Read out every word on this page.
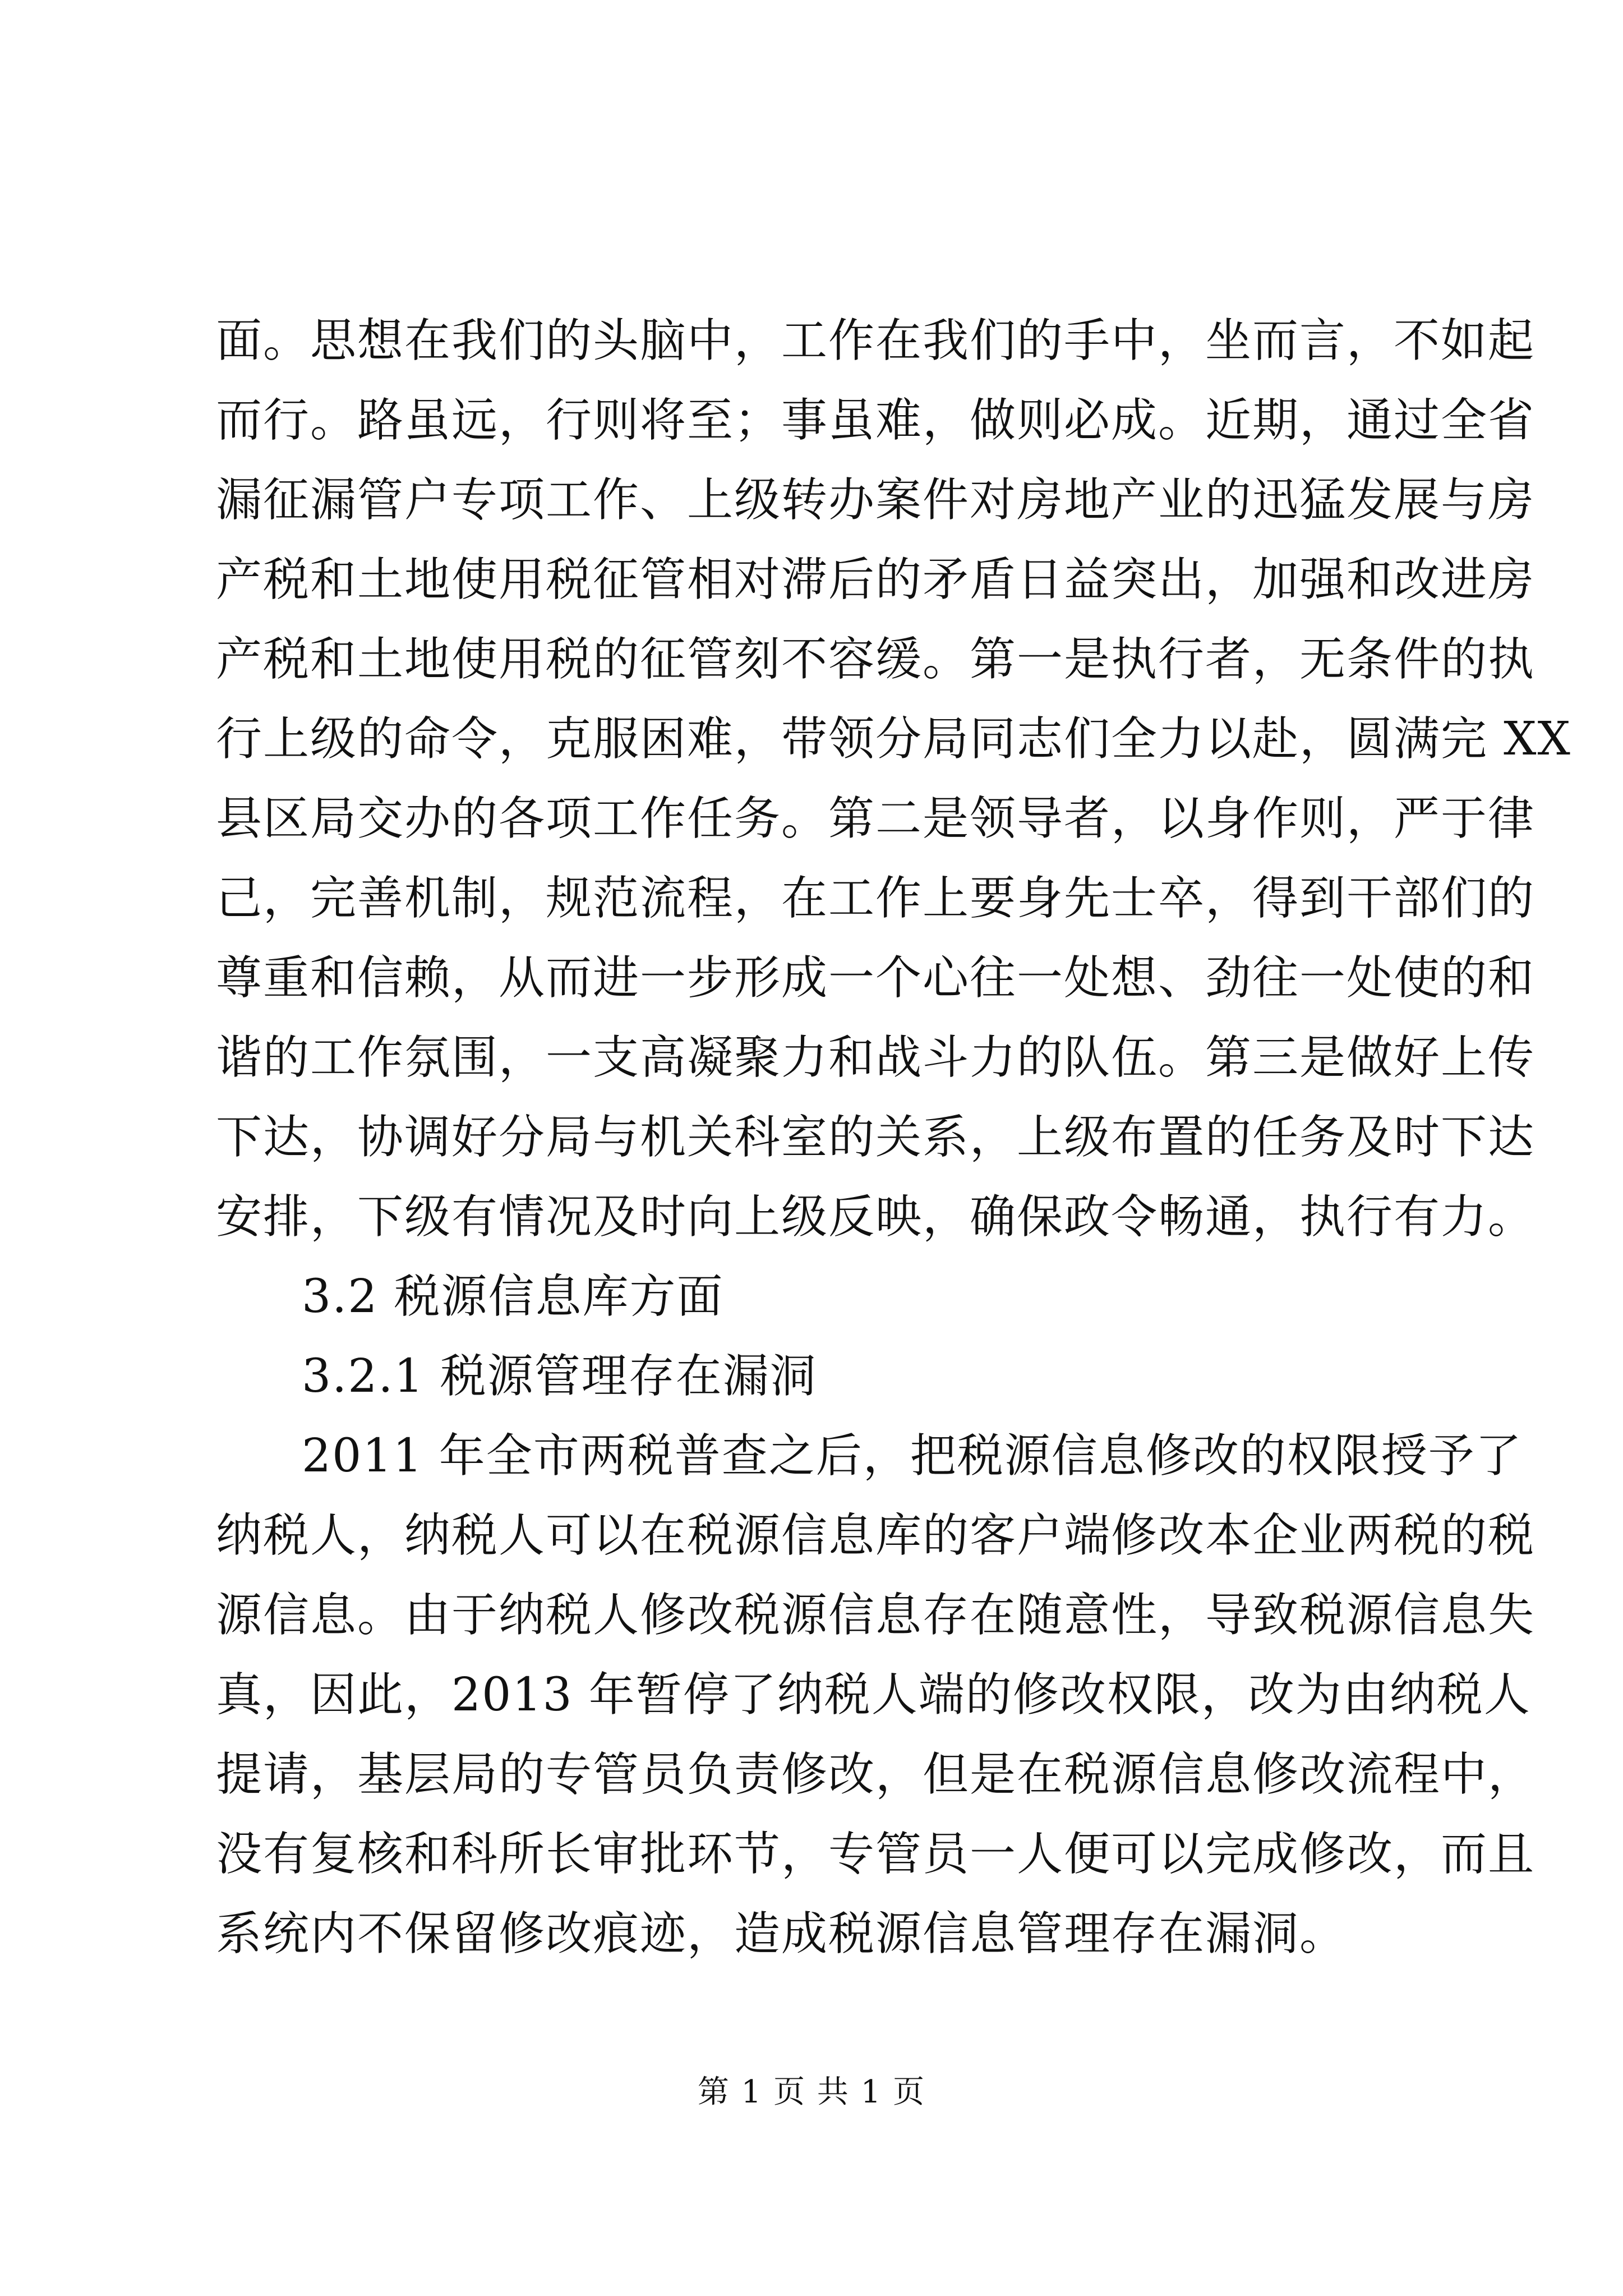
面。思想在我们的头脑中，工作在我们的手中，坐而言，不如起
而行。路虽远，行则将至；事虽难，做则必成。近期，通过全省
漏征漏管户专项工作、上级转办案件对房地产业的迅猛发展与房
产税和土地使用税征管相对滞后的矛盾日益突出，加强和改进房
产税和土地使用税的征管刻不容缓。第一是执行者，无条件的执
行上级的命令，克服困难，带领分局同志们全力以赴，圆满完 XX
县区局交办的各项工作任务。第二是领导者，以身作则，严于律
己，完善机制，规范流程，在工作上要身先士卒，得到干部们的
尊重和信赖，从而进一步形成一个心往一处想、劲往一处使的和
谐的工作氛围，一支高凝聚力和战斗力的队伍。第三是做好上传
下达，协调好分局与机关科室的关系，上级布置的任务及时下达
安排，下级有情况及时向上级反映，确保政令畅通，执行有力。
3.2 税源信息库方面
3.2.1 税源管理存在漏洞
2011 年全市两税普查之后，把税源信息修改的权限授予了
纳税人，纳税人可以在税源信息库的客户端修改本企业两税的税
源信息。由于纳税人修改税源信息存在随意性，导致税源信息失
真，因此，2013 年暂停了纳税人端的修改权限，改为由纳税人
提请，基层局的专管员负责修改，但是在税源信息修改流程中，
没有复核和科所长审批环节，专管员一人便可以完成修改，而且
系统内不保留修改痕迹，造成税源信息管理存在漏洞。
第 1 页 共 1 页
